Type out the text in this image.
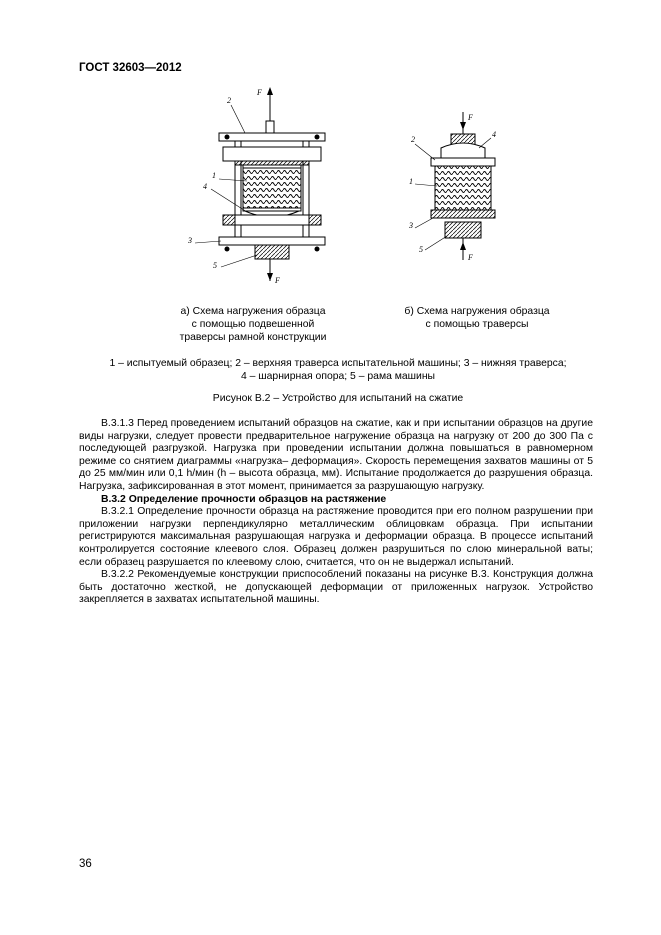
ГОСТ 32603—2012
F
F
2
1
4
3
5
F
F
2
4
1
3
5
а) Схема нагружения образца
с помощью подвешенной
траверсы рамной конструкции
б) Схема нагружения образца
с помощью траверсы
1 – испытуемый образец; 2 – верхняя траверса испытательной машины; 3 – нижняя траверса;
4 – шарнирная опора; 5 – рама машины
Рисунок В.2 – Устройство для испытаний на сжатие

В.3.1.3 Перед проведением испытаний образцов на сжатие, как и при испытании образцов на другие виды нагрузки, следует провести предварительное нагружение образца на нагрузку от 200 до 300 Па с последующей разгрузкой. Нагрузка при проведении испытании должна повышаться в равномерном режиме со снятием диаграммы «нагрузка– деформация». Скорость перемещения захватов машины от 5 до 25 мм/мин или 0,1 h/мин (h – высота образца, мм). Испытание продолжается до разрушения образца. Нагрузка, зафиксированная в этот момент, принимается за разрушающую нагрузку.

В.3.2 Определение прочности образцов на растяжение

В.3.2.1 Определение прочности образца на растяжение проводится при его полном разрушении при приложении нагрузки перпендикулярно металлическим облицовкам образца. При испытании регистрируются максимальная разрушающая нагрузка и деформации образца. В процессе испытаний контролируется состояние клеевого слоя. Образец должен разрушиться по слою минеральной ваты; если образец разрушается по клеевому слою, считается, что он не выдержал испытаний.

В.3.2.2 Рекомендуемые конструкции приспособлений показаны на рисунке В.3. Конструкция должна быть достаточно жесткой, не допускающей деформации от приложенных нагрузок. Устройство закрепляется в захватах испытательной машины.

36
